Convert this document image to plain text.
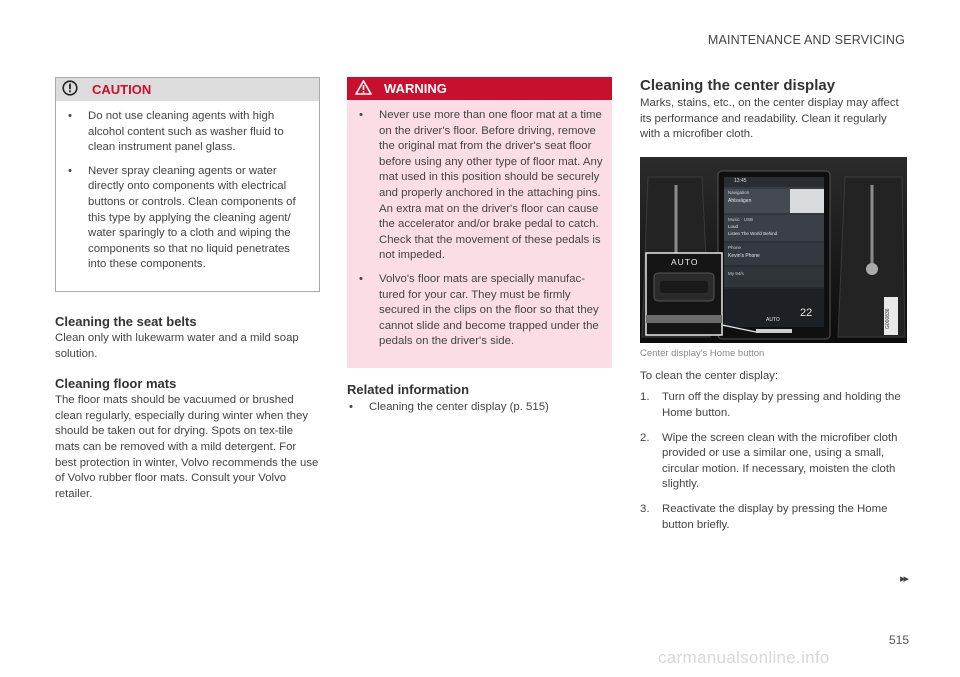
MAINTENANCE AND SERVICING
CAUTION
• Do not use cleaning agents with high alcohol content such as washer fluid to clean instrument panel glass.
• Never spray cleaning agents or water directly onto components with electrical buttons or controls. Clean components of this type by applying the cleaning agent/ water sparingly to a cloth and wiping the components so that no liquid penetrates into these components.
Cleaning the seat belts

Clean only with lukewarm water and a mild soap solution.

Cleaning floor mats

The floor mats should be vacuumed or brushed clean regularly, especially during winter when they should be taken out for drying. Spots on tex-tile mats can be removed with a mild detergent. For best protection in winter, Volvo recommends the use of Volvo rubber floor mats. Consult your Volvo retailer.

WARNING
• Never use more than one floor mat at a time on the driver's floor. Before driving, remove the original mat from the driver's seat floor before using any other type of floor mat. Any mat used in this position should be securely and properly anchored in the attaching pins. An extra mat on the driver's floor can cause the accelerator and/or brake pedal to catch. Check that the movement of these pedals is not impeded.
• Volvo's floor mats are specially manufac-tured for your car. They must be firmly secured in the clips on the floor so that they cannot slide and become trapped under the pedals on the driver's side.
Related information
• Cleaning the center display (p. 515)
Cleaning the center display

Marks, stains, etc., on the center display may affect its performance and readability. Clean it regularly with a microfiber cloth.

13:45
Navigation
Ahlsvägen
Music · USB
Loud
Listen The World Behind
Phone
Kevin's Phone
My 94/s
AUTO
AUTO
22	G000836
Center display's Home button

To clean the center display:

1. Turn off the display by pressing and holding the Home button.
2. Wipe the screen clean with the microfiber cloth provided or use a similar one, using a small, circular motion. If necessary, moisten the cloth slightly.
3. Reactivate the display by pressing the Home button briefly.
▸▸
515
carmanualsonline.info
